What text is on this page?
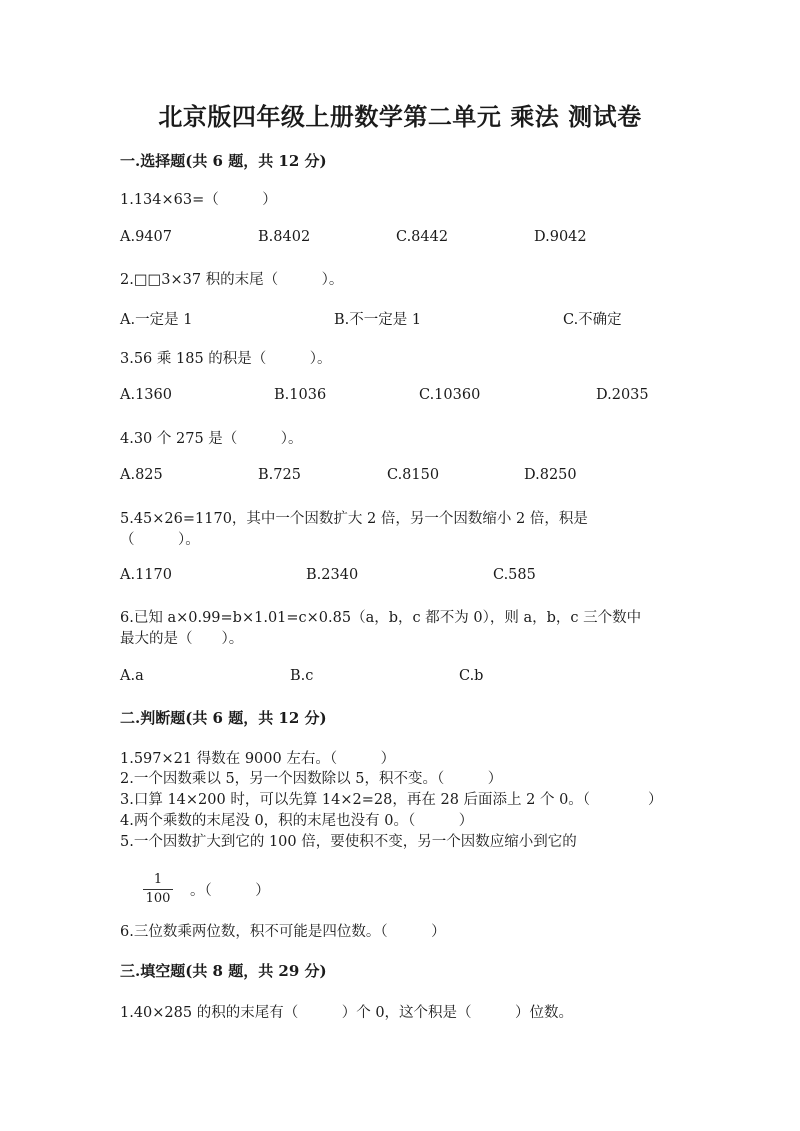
北京版四年级上册数学第二单元 乘法 测试卷
一.选择题(共 6 题，共 12 分)
1.134×63=（　　　）
A.9407	B.8402	C.8442	D.9042
2.□□3×37 积的末尾（　　　）。
A.一定是 1	B.不一定是 1	C.不确定
3.56 乘 185 的积是（　　　）。
A.1360	B.1036	C.10360	D.2035
4.30 个 275 是（　　　）。
A.825	B.725	C.8150	D.8250
5.45×26=1170，其中一个因数扩大 2 倍，另一个因数缩小 2 倍，积是
（　　　）。
A.1170	B.2340	C.585
6.已知 a×0.99=b×1.01=c×0.85（a，b，c 都不为 0），则 a，b，c 三个数中
最大的是（　　）。
A.a	B.c	C.b
二.判断题(共 6 题，共 12 分)
1.597×21 得数在 9000 左右。（　　　）
2.一个因数乘以 5，另一个因数除以 5，积不变。（　　　）
3.口算 14×200 时，可以先算 14×2=28，再在 28 后面添上 2 个 0。（　　　　）
4.两个乘数的末尾没 0，积的末尾也没有 0。（　　　）
5.一个因数扩大到它的 100 倍，要使积不变，另一个因数应缩小到它的
1
100 。（　　　）
6.三位数乘两位数，积不可能是四位数。（　　　）
三.填空题(共 8 题，共 29 分)
1.40×285 的积的末尾有（　　　）个 0，这个积是（　　　）位数。
